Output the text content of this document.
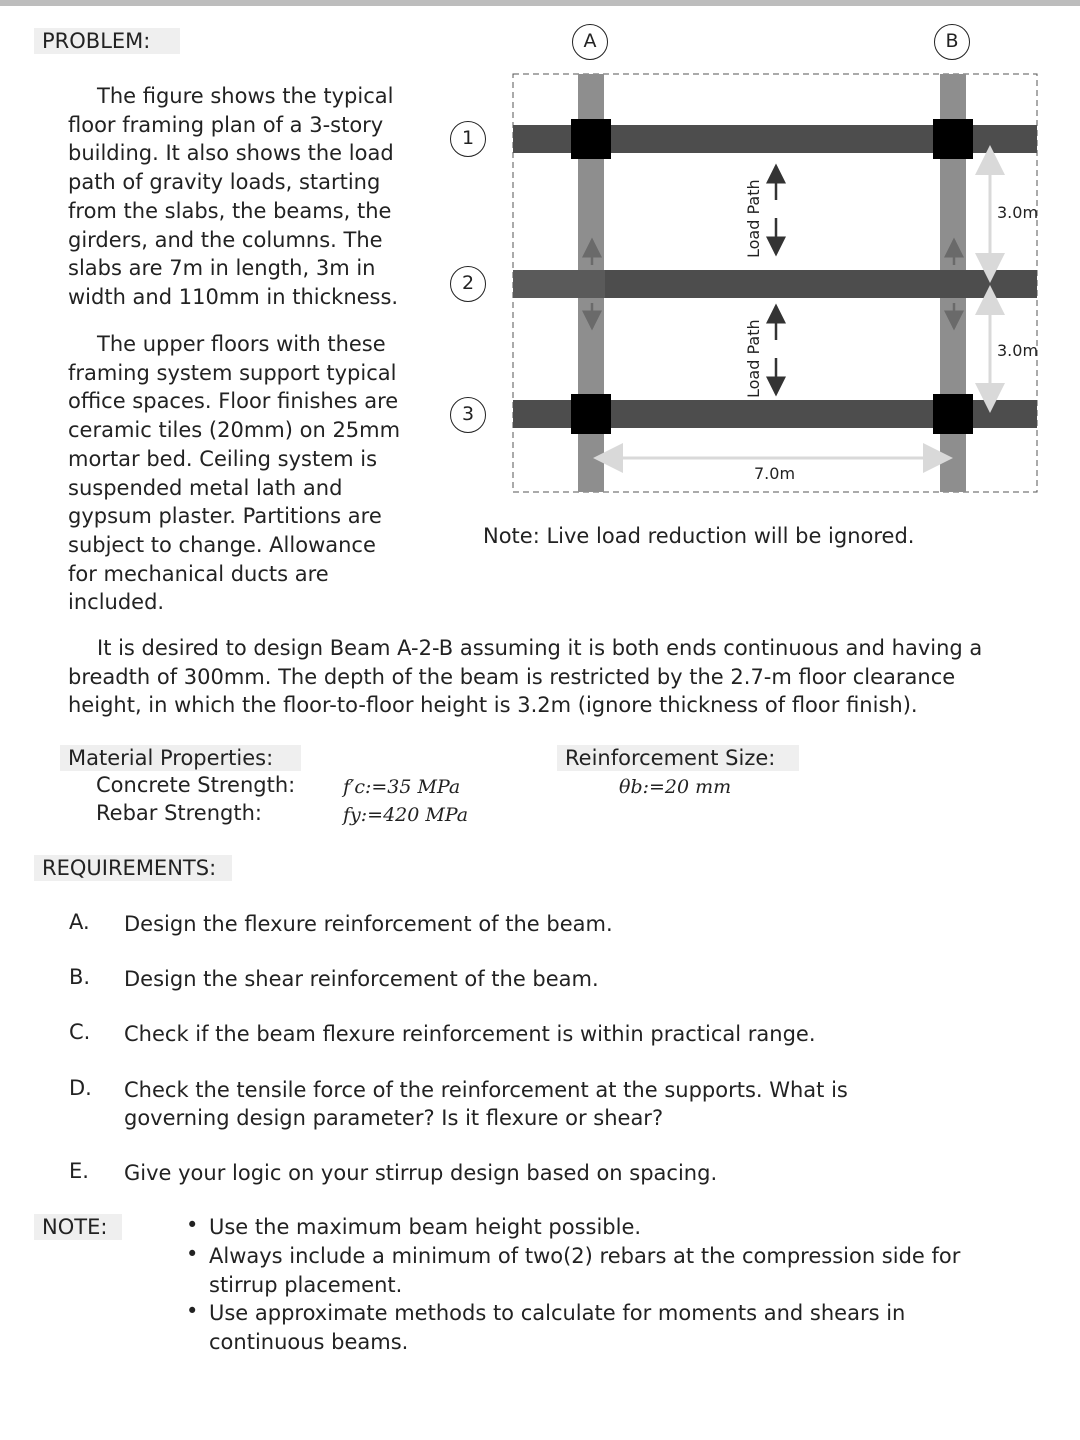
PROBLEM:

The figure shows the typical
floor framing plan of a 3-story
building. It also shows the load
path of gravity loads, starting
from the slabs, the beams, the
girders, and the columns. The
slabs are 7m in length, 3m in
width and 110mm in thickness.

The upper floors with these
framing system support typical
office spaces. Floor finishes are
ceramic tiles (20mm) on 25mm
mortar bed. Ceiling system is
suspended metal lath and
gypsum plaster. Partitions are
subject to change. Allowance
for mechanical ducts are
included.

1
2
3
A	B
Load Path
Load Path
3.0m
3.0m
7.0m
Note: Live load reduction will be ignored.

It is desired to design Beam A-2-B assuming it is both ends continuous and having a
breadth of 300mm. The depth of the beam is restricted by the 2.7-m floor clearance
height, in which the floor-to-floor height is 3.2m (ignore thickness of floor finish).

Material Properties:
Concrete Strength:
Rebar Strength:
f′c:=35 MPa
fy:=420 MPa
Reinforcement Size:
θb:=20 mm
REQUIREMENTS:
A. Design the flexure reinforcement of the beam.
B. Design the shear reinforcement of the beam.
C. Check if the beam flexure reinforcement is within practical range.
D. Check the tensile force of the reinforcement at the supports. What is
governing design parameter? Is it flexure or shear?
E. Give your logic on your stirrup design based on spacing.
NOTE:	• Use the maximum beam height possible.
• Always include a minimum of two(2) rebars at the compression side for
stirrup placement.
• Use approximate methods to calculate for moments and shears in
continuous beams.
